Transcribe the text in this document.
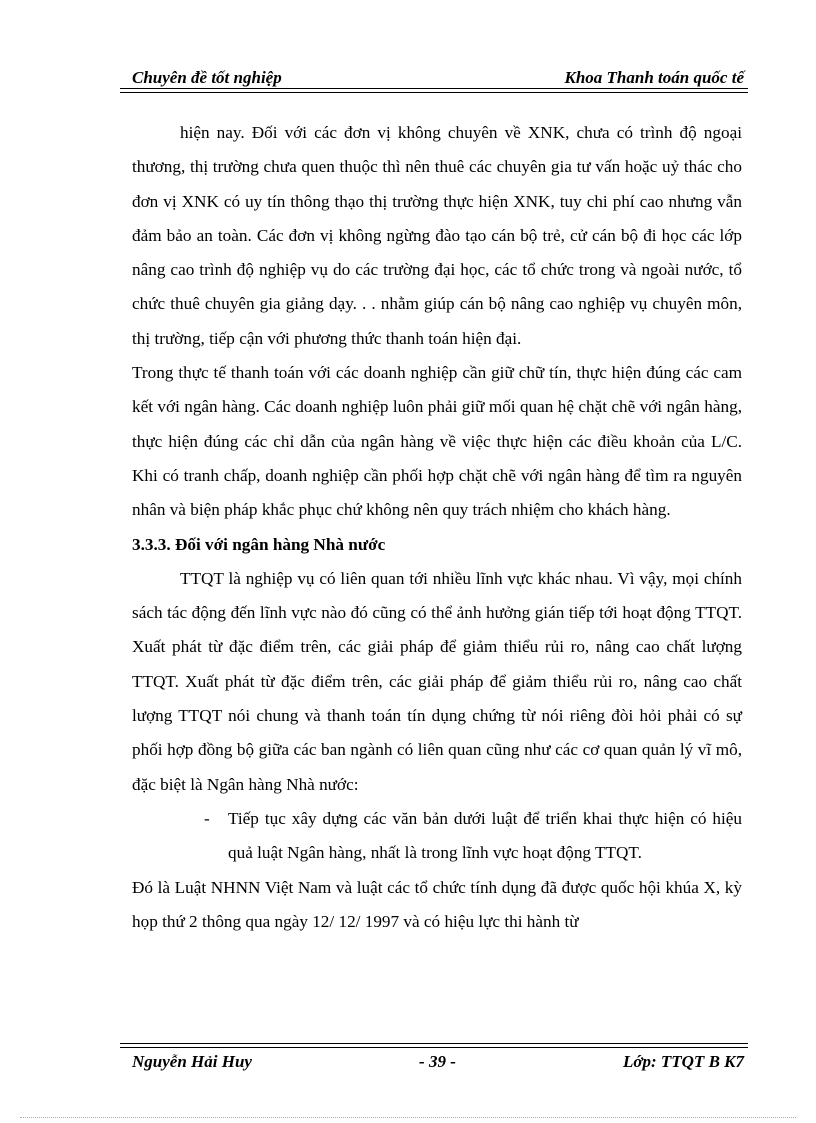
Chuyên đề tốt nghiệp	Khoa Thanh toán quốc tế

hiện nay. Đối với các đơn vị không chuyên về XNK, chưa có trình độ ngoại thương, thị trường chưa quen thuộc thì nên thuê các chuyên gia tư vấn hoặc uỷ thác cho đơn vị XNK có uy tín thông thạo thị trường thực hiện XNK, tuy chi phí cao nhưng vẫn đảm bảo an toàn. Các đơn vị không ngừng đào tạo cán bộ trẻ, cử cán bộ đi học các lớp nâng cao trình độ nghiệp vụ do các trường đại học, các tổ chức trong và ngoài nước, tổ chức thuê chuyên gia giảng dạy. . . nhằm giúp cán bộ nâng cao nghiệp vụ chuyên môn, thị trường, tiếp cận với phương thức thanh toán hiện đại.

Trong thực tế thanh toán với các doanh nghiệp cần giữ chữ tín, thực hiện đúng các cam kết với ngân hàng. Các doanh nghiệp luôn phải giữ mối quan hệ chặt chẽ với ngân hàng, thực hiện đúng các chỉ dẫn của ngân hàng về việc thực hiện các điều khoản của L/C. Khi có tranh chấp, doanh nghiệp cần phối hợp chặt chẽ với ngân hàng để tìm ra nguyên nhân và biện pháp khắc phục chứ không nên quy trách nhiệm cho khách hàng.

3.3.3. Đối với ngân hàng Nhà nước

TTQT là nghiệp vụ có liên quan tới nhiều lĩnh vực khác nhau. Vì vậy, mọi chính sách tác động đến lĩnh vực nào đó cũng có thể ảnh hưởng gián tiếp tới hoạt động TTQT. Xuất phát từ đặc điểm trên, các giải pháp để giảm thiểu rủi ro, nâng cao chất lượng TTQT. Xuất phát từ đặc điểm trên, các giải pháp để giảm thiểu rủi ro, nâng cao chất lượng TTQT nói chung và thanh toán tín dụng chứng từ nói riêng đòi hỏi phải có sự phối hợp đồng bộ giữa các ban ngành có liên quan cũng như các cơ quan quản lý vĩ mô, đặc biệt là Ngân hàng Nhà nước:

- Tiếp tục xây dựng các văn bản dưới luật để triển khai thực hiện có hiệu quả luật Ngân hàng, nhất là trong lĩnh vực hoạt động TTQT.

Đó là Luật NHNN Việt Nam và luật các tổ chức tính dụng đã được quốc hội khúa X, kỳ họp thứ 2 thông qua ngày 12/ 12/ 1997 và có hiệu lực thi hành từ

Nguyễn Hải Huy	- 39 -	Lớp: TTQT B K7
